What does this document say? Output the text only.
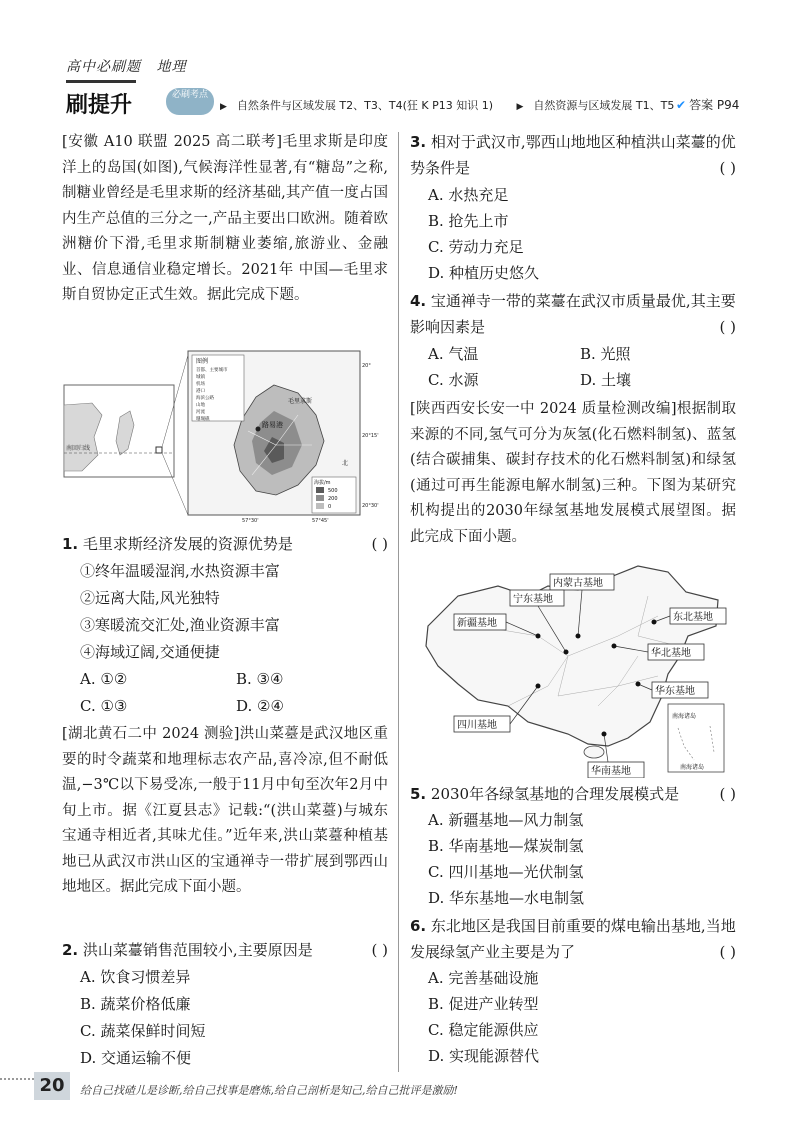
高中必刷题 地理
刷提升	必刷考点
▶ 自然条件与区域发展 T2、T3、T4(狂 K P13 知识 1)	▶ 自然资源与区域发展 T1、T5 ✔ 答案 P94
[安徽 A10 联盟 2025 高二联考]毛里求斯是印度洋上的岛国(如图),气候海洋性显著,有“糖岛”之称,制糖业曾经是毛里求斯的经济基础,其产值一度占国内生产总值的三分之一,产品主要出口欧洲。随着欧洲糖价下滑,毛里求斯制糖业萎缩,旅游业、金融业、信息通信业稳定增长。2021年 中国—毛里求斯自贸协定正式生效。据此完成下题。
南回归线
路易港
毛里求斯
图例
首都、主要城市
城镇
机场
港口
海滨公路
山地
河流
珊瑚礁
海拔/m
500
200
0
20°
20°15'
20°30'
57°30'	57°45'
北
1. 毛里求斯经济发展的资源优势是	( )
①终年温暖湿润,水热资源丰富
②远离大陆,风光独特
③寒暖流交汇处,渔业资源丰富
④海域辽阔,交通便捷
A. ①②	B. ③④
C. ①③	D. ②④
[湖北黄石二中 2024 测验]洪山菜薹是武汉地区重要的时令蔬菜和地理标志农产品,喜冷凉,但不耐低温,−3℃以下易受冻,一般于11月中旬至次年2月中旬上市。据《江夏县志》记载:“(洪山菜薹)与城东宝通寺相近者,其味尤佳。”近年来,洪山菜薹种植基地已从武汉市洪山区的宝通禅寺一带扩展到鄂西山地地区。据此完成下面小题。
2. 洪山菜薹销售范围较小,主要原因是	( )
A. 饮食习惯差异
B. 蔬菜价格低廉
C. 蔬菜保鲜时间短
D. 交通运输不便
3. 相对于武汉市,鄂西山地地区种植洪山菜薹的优势条件是	( )
A. 水热充足
B. 抢先上市
C. 劳动力充足
D. 种植历史悠久
4. 宝通禅寺一带的菜薹在武汉市质量最优,其主要影响因素是	( )
A. 气温	B. 光照
C. 水源	D. 土壤
[陕西西安长安一中 2024 质量检测改编]根据制取来源的不同,氢气可分为灰氢(化石燃料制氢)、蓝氢(结合碳捕集、碳封存技术的化石燃料制氢)和绿氢(通过可再生能源电解水制氢)三种。下图为某研究机构提出的2030年绿氢基地发展模式展望图。据此完成下面小题。
内蒙古基地
宁东基地
新疆基地
东北基地
华北基地
华东基地
四川基地
华南基地
南海诸岛
南海诸岛
5. 2030年各绿氢基地的合理发展模式是	( )
A. 新疆基地—风力制氢
B. 华南基地—煤炭制氢
C. 四川基地—光伏制氢
D. 华东基地—水电制氢
6. 东北地区是我国目前重要的煤电输出基地,当地发展绿氢产业主要是为了	( )
A. 完善基础设施
B. 促进产业转型
C. 稳定能源供应
D. 实现能源替代
20	给自己找碴儿是诊断,给自己找事是磨炼,给自己剖析是知己,给自己批评是激励!
